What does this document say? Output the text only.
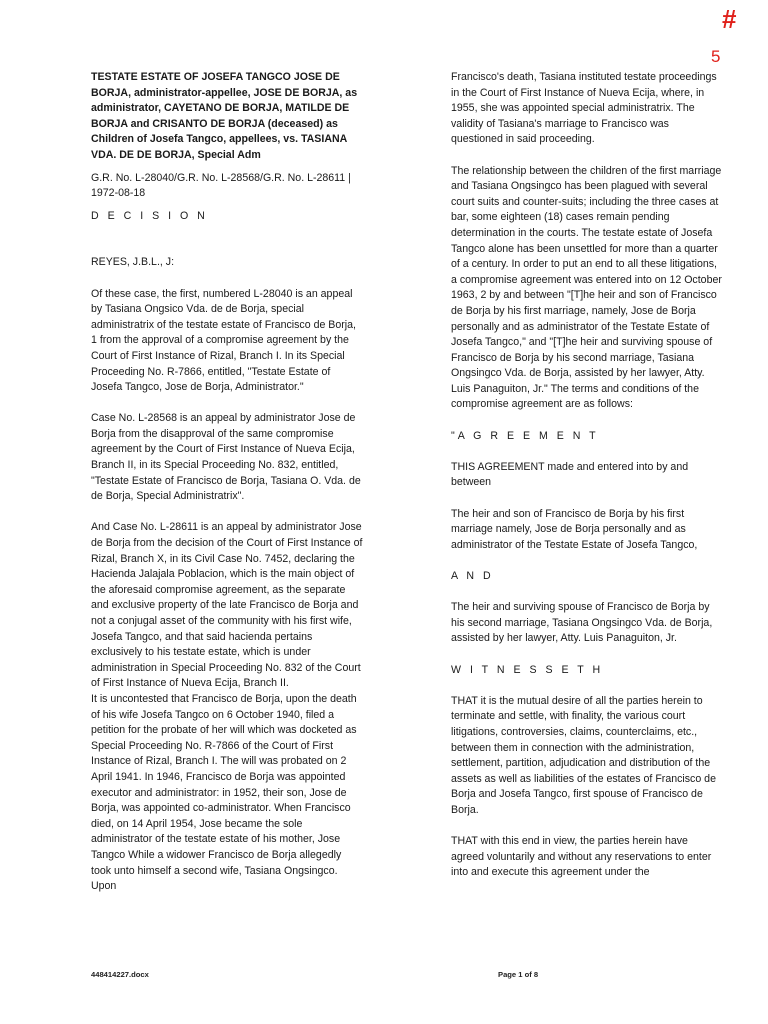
#
5

TESTATE ESTATE OF JOSEFA TANGCO JOSE DE BORJA, administrator-appellee, JOSE DE BORJA, as administrator, CAYETANO DE BORJA, MATILDE DE BORJA and CRISANTO DE BORJA (deceased) as Children of Josefa Tangco, appellees, vs. TASIANA VDA. DE DE BORJA, Special Adm

G.R. No. L-28040/G.R. No. L-28568/G.R. No. L-28611 | 1972-08-18

D E C I S I O N

REYES, J.B.L., J:

Of these case, the first, numbered L-28040 is an appeal by Tasiana Ongsico Vda. de de Borja, special administratrix of the testate estate of Francisco de Borja, 1 from the approval of a compromise agreement by the Court of First Instance of Rizal, Branch I. In its Special Proceeding No. R-7866, entitled, "Testate Estate of Josefa Tangco, Jose de Borja, Administrator."

Case No. L-28568 is an appeal by administrator Jose de Borja from the disapproval of the same compromise agreement by the Court of First Instance of Nueva Ecija, Branch II, in its Special Proceeding No. 832, entitled, "Testate Estate of Francisco de Borja, Tasiana O. Vda. de de Borja, Special Administratrix".

And Case No. L-28611 is an appeal by administrator Jose de Borja from the decision of the Court of First Instance of Rizal, Branch X, in its Civil Case No. 7452, declaring the Hacienda Jalajala Poblacion, which is the main object of the aforesaid compromise agreement, as the separate and exclusive property of the late Francisco de Borja and not a conjugal asset of the community with his first wife, Josefa Tangco, and that said hacienda pertains exclusively to his testate estate, which is under administration in Special Proceeding No. 832 of the Court of First Instance of Nueva Ecija, Branch II.

It is uncontested that Francisco de Borja, upon the death of his wife Josefa Tangco on 6 October 1940, filed a petition for the probate of her will which was docketed as Special Proceeding No. R-7866 of the Court of First Instance of Rizal, Branch I. The will was probated on 2 April 1941. In 1946, Francisco de Borja was appointed executor and administrator: in 1952, their son, Jose de Borja, was appointed co-administrator. When Francisco died, on 14 April 1954, Jose became the sole administrator of the testate estate of his mother, Jose Tangco While a widower Francisco de Borja allegedly took unto himself a second wife, Tasiana Ongsingco. Upon

Francisco's death, Tasiana instituted testate proceedings in the Court of First Instance of Nueva Ecija, where, in 1955, she was appointed special administratrix. The validity of Tasiana's marriage to Francisco was questioned in said proceeding.

The relationship between the children of the first marriage and Tasiana Ongsingco has been plagued with several court suits and counter-suits; including the three cases at bar, some eighteen (18) cases remain pending determination in the courts. The testate estate of Josefa Tangco alone has been unsettled for more than a quarter of a century. In order to put an end to all these litigations, a compromise agreement was entered into on 12 October 1963, 2 by and between "[T]he heir and son of Francisco de Borja by his first marriage, namely, Jose de Borja personally and as administrator of the Testate Estate of Josefa Tangco," and "[T]he heir and surviving spouse of Francisco de Borja by his second marriage, Tasiana Ongsingco Vda. de Borja, assisted by her lawyer, Atty. Luis Panaguiton, Jr." The terms and conditions of the compromise agreement are as follows:

"A G R E E M E N T

THIS AGREEMENT made and entered into by and between

The heir and son of Francisco de Borja by his first marriage namely, Jose de Borja personally and as administrator of the Testate Estate of Josefa Tangco,

A N D

The heir and surviving spouse of Francisco de Borja by his second marriage, Tasiana Ongsingco Vda. de Borja, assisted by her lawyer, Atty. Luis Panaguiton, Jr.

W I T N E S S E T H

THAT it is the mutual desire of all the parties herein to terminate and settle, with finality, the various court litigations, controversies, claims, counterclaims, etc., between them in connection with the administration, settlement, partition, adjudication and distribution of the assets as well as liabilities of the estates of Francisco de Borja and Josefa Tangco, first spouse of Francisco de Borja.

THAT with this end in view, the parties herein have agreed voluntarily and without any reservations to enter into and execute this agreement under the

448414227.docx	Page 1 of 8
